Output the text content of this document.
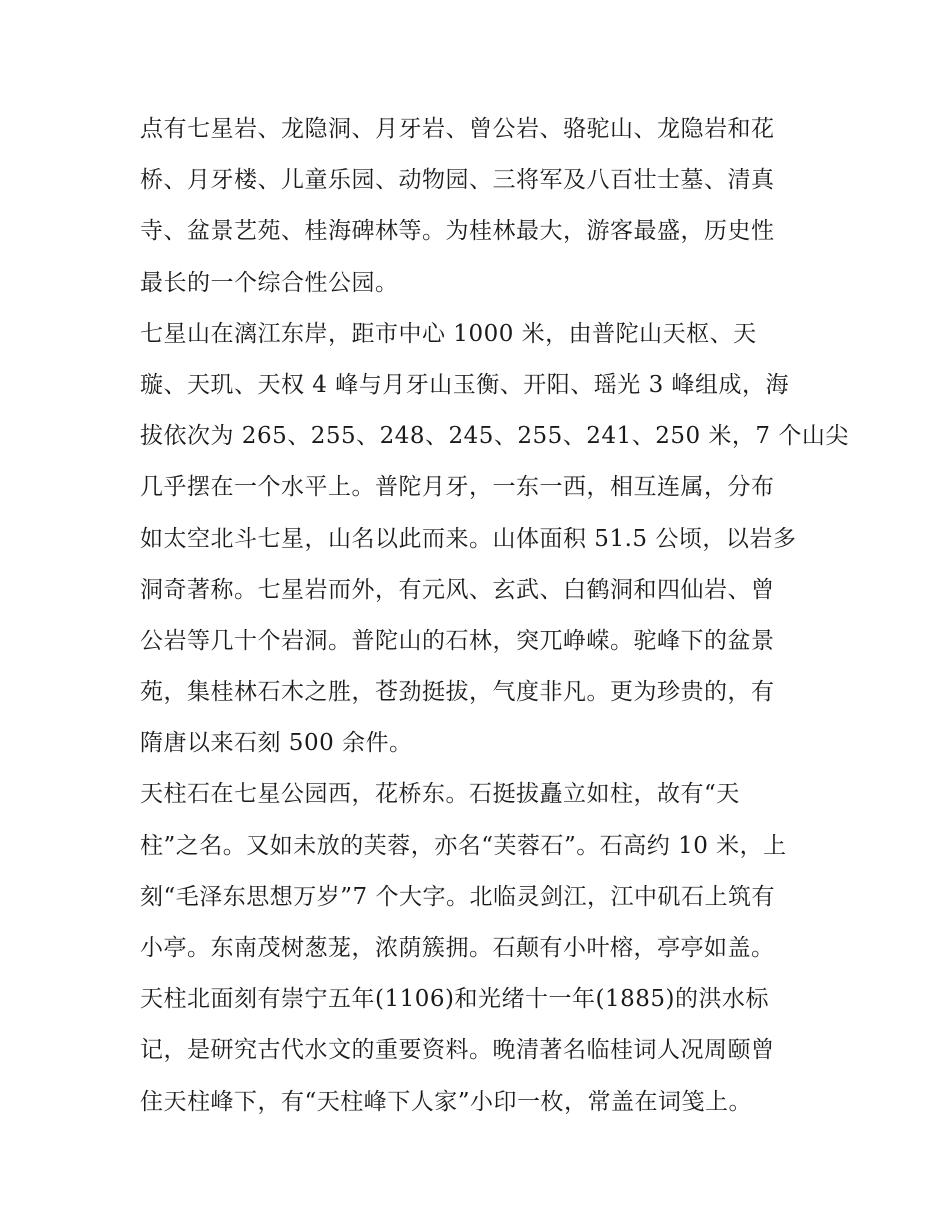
点有七星岩、龙隐洞、月牙岩、曾公岩、骆驼山、龙隐岩和花
桥、月牙楼、儿童乐园、动物园、三将军及八百壮士墓、清真
寺、盆景艺苑、桂海碑林等。为桂林最大，游客最盛，历史性
最长的一个综合性公园。
七星山在漓江东岸，距市中心 1000 米，由普陀山天枢、天
璇、天玑、天权 4 峰与月牙山玉衡、开阳、瑶光 3 峰组成，海
拔依次为 265、255、248、245、255、241、250 米，7 个山尖
几乎摆在一个水平上。普陀月牙，一东一西，相互连属，分布
如太空北斗七星，山名以此而来。山体面积 51.5 公顷，以岩多
洞奇著称。七星岩而外，有元风、玄武、白鹤洞和四仙岩、曾
公岩等几十个岩洞。普陀山的石林，突兀峥嵘。驼峰下的盆景
苑，集桂林石木之胜，苍劲挺拔，气度非凡。更为珍贵的，有
隋唐以来石刻 500 余件。
天柱石在七星公园西，花桥东。石挺拔矗立如柱，故有“天
柱”之名。又如未放的芙蓉，亦名“芙蓉石”。石高约 10 米，上
刻“毛泽东思想万岁”7 个大字。北临灵剑江，江中矶石上筑有
小亭。东南茂树葱茏，浓荫簇拥。石颠有小叶榕，亭亭如盖。
天柱北面刻有崇宁五年(1106)和光绪十一年(1885)的洪水标
记，是研究古代水文的重要资料。晚清著名临桂词人况周颐曾
住天柱峰下，有“天柱峰下人家”小印一枚，常盖在词笺上。
